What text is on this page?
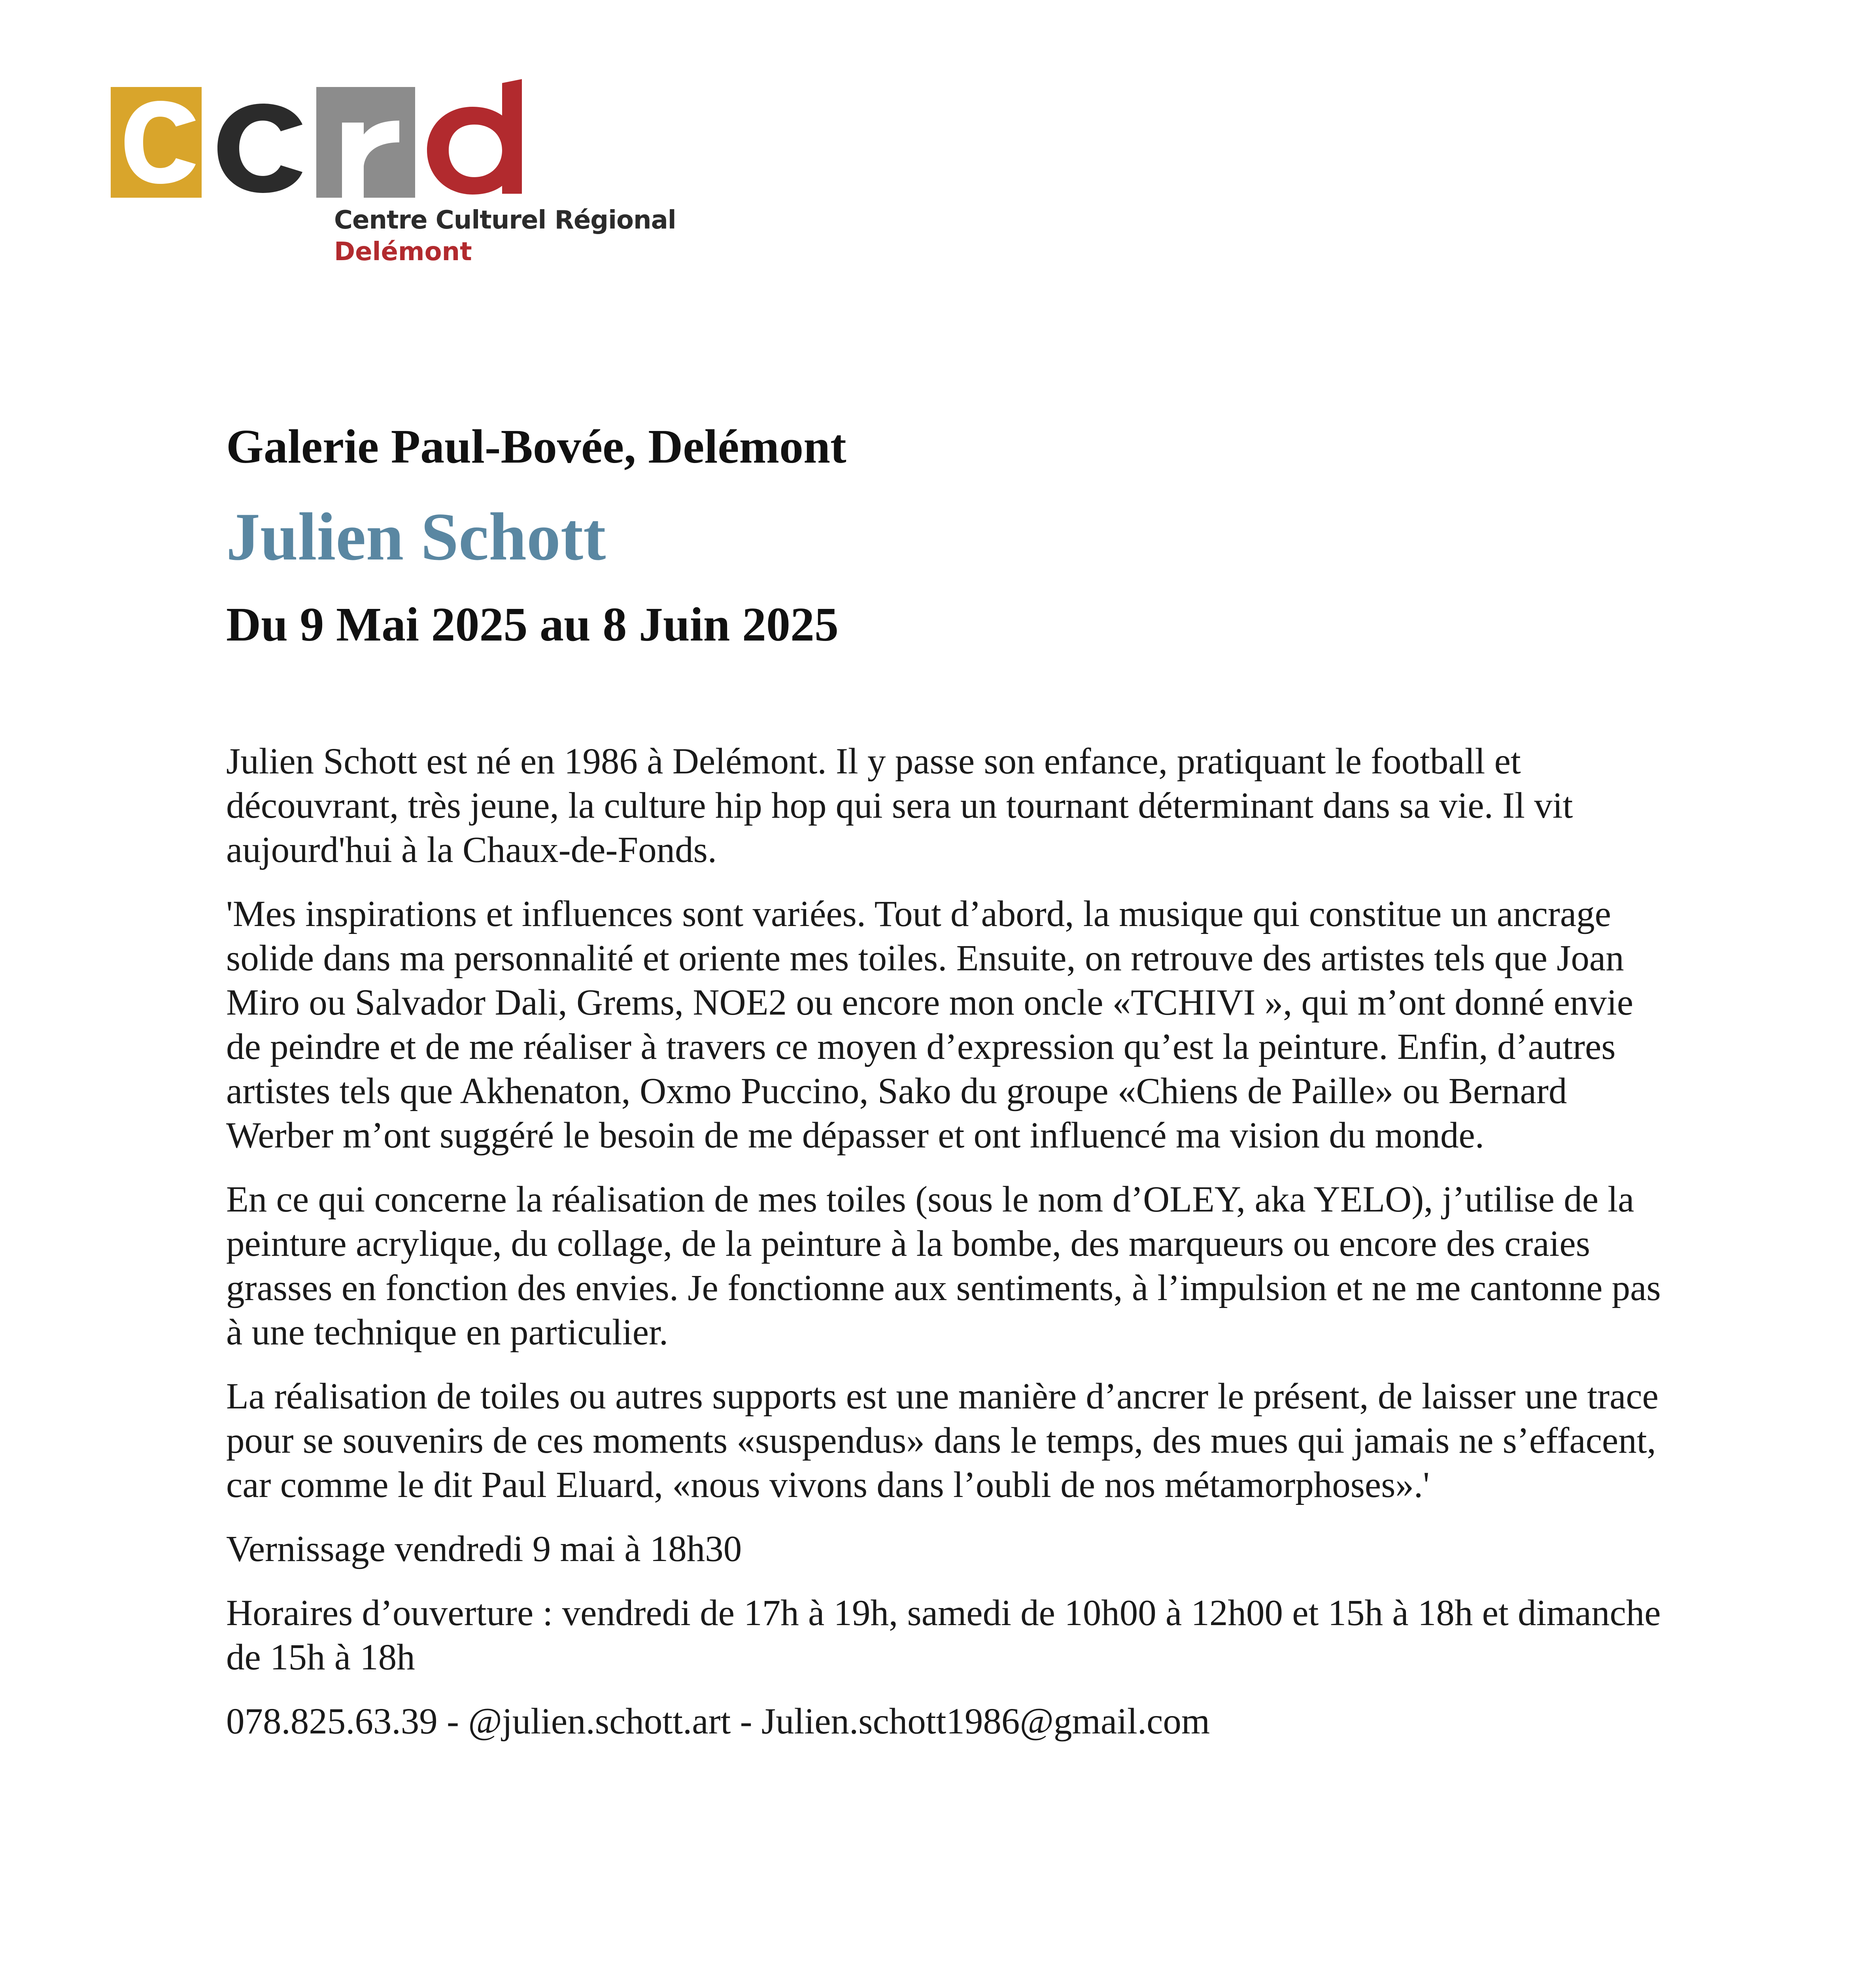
Centre Culturel Régional
Delémont
Galerie Paul-Bovée, Delémont
Julien Schott
Du 9 Mai 2025 au 8 Juin 2025

Julien Schott est né en 1986 à Delémont. Il y passe son enfance, pratiquant le football et découvrant, très jeune, la culture hip hop qui sera un tournant déterminant dans sa vie. Il vit aujourd'hui à la Chaux-de-Fonds.

'Mes inspirations et influences sont variées. Tout d’abord, la musique qui constitue un ancrage solide dans ma personnalité et oriente mes toiles. Ensuite, on retrouve des artistes tels que Joan Miro ou Salvador Dali, Grems, NOE2 ou encore mon oncle «TCHIVI », qui m’ont donné envie de peindre et de me réaliser à travers ce moyen d’expression qu’est la peinture. Enfin, d’autres artistes tels que Akhenaton, Oxmo Puccino, Sako du groupe «Chiens de Paille» ou Bernard Werber m’ont suggéré le besoin de me dépasser et ont influencé ma vision du monde.

En ce qui concerne la réalisation de mes toiles (sous le nom d’OLEY, aka YELO), j’utilise de la peinture acrylique, du collage, de la peinture à la bombe, des marqueurs ou encore des craies grasses en fonction des envies. Je fonctionne aux sentiments, à l’impulsion et ne me cantonne pas à une technique en particulier.

La réalisation de toiles ou autres supports est une manière d’ancrer le présent, de laisser une trace pour se souvenirs de ces moments «suspendus» dans le temps, des mues qui jamais ne s’effacent, car comme le dit Paul Eluard, «nous vivons dans l’oubli de nos métamorphoses».'

Vernissage vendredi 9 mai à 18h30

Horaires d’ouverture : vendredi de 17h à 19h, samedi de 10h00 à 12h00 et 15h à 18h et dimanche de 15h à 18h

078.825.63.39 - @julien.schott.art - Julien.schott1986@gmail.com
